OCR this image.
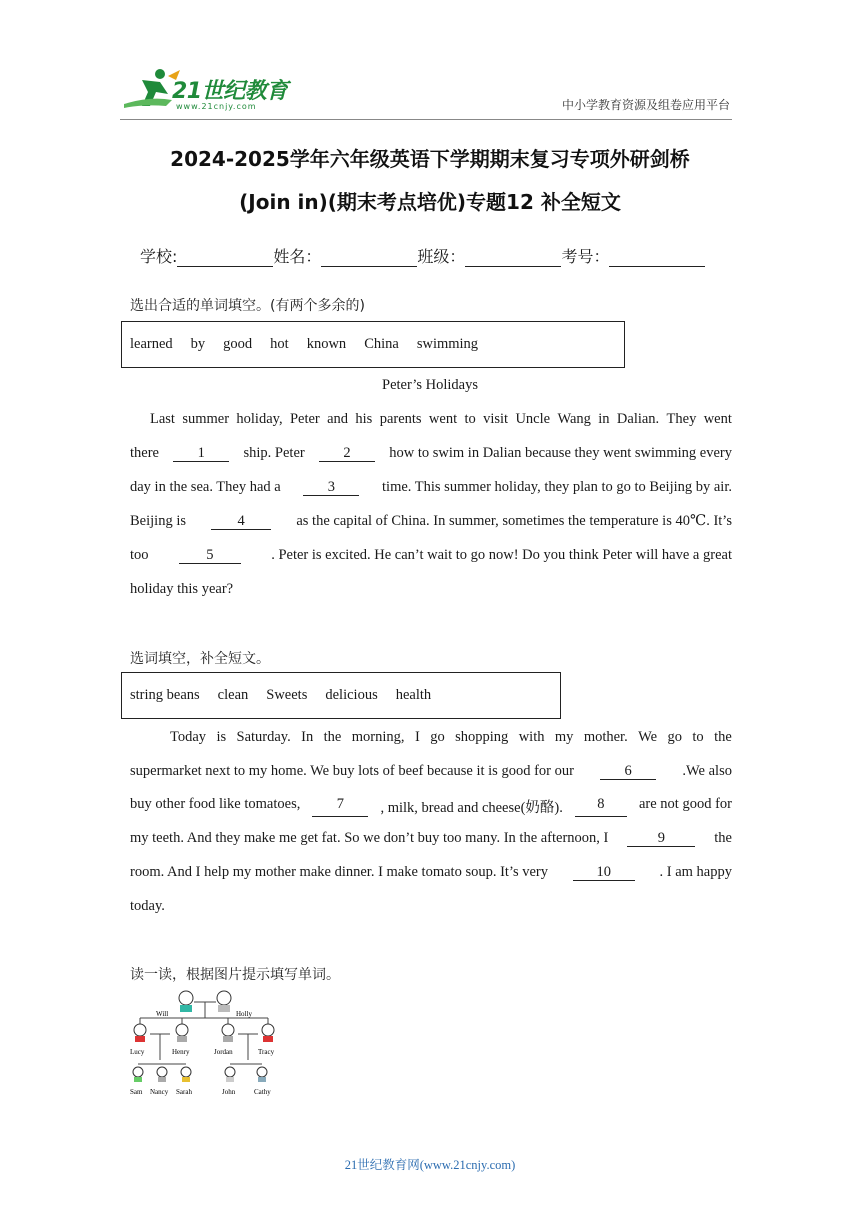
21世纪教育
www.21cnjy.com	中小学教育资源及组卷应用平台
2024-2025学年六年级英语下学期期末复习专项外研剑桥
(Join in)(期末考点培优)专题12 补全短文
学校:	姓名：	班级：	考号：
选出合适的单词填空。(有两个多余的)
learned by good hot known China swimming
Peter’s Holidays
Last summer holiday, Peter and his parents went to visit Uncle Wang in Dalian. They went
there	1	ship. Peter	2	how to swim in Dalian because they went swimming every
day in the sea. They had a	3	time. This summer holiday, they plan to go to Beijing by air.
Beijing is	4	as the capital of China. In summer, sometimes the temperature is 40℃. It’s
too	5	. Peter is excited. He can’t wait to go now! Do you think Peter will have a great
holiday this year?
选词填空，补全短文。
string beans clean Sweets delicious health
Today is Saturday. In the morning, I go shopping with my mother. We go to the
supermarket next to my home. We buy lots of beef because it is good for our	6	.We also
buy other food like tomatoes,	7	, milk, bread and cheese(奶酪).	8	are not good for
my teeth. And they make me get fat. So we don’t buy too many. In the afternoon, I	9	the
room. And I help my mother make dinner. I make tomato soup. It’s very	10	. I am happy
today.
读一读，根据图片提示填写单词。
Will	Holly
Lucy	Henry	Jordan	Tracy
Sam Nancy Sarah	John	Cathy
21世纪教育网(www.21cnjy.com)
